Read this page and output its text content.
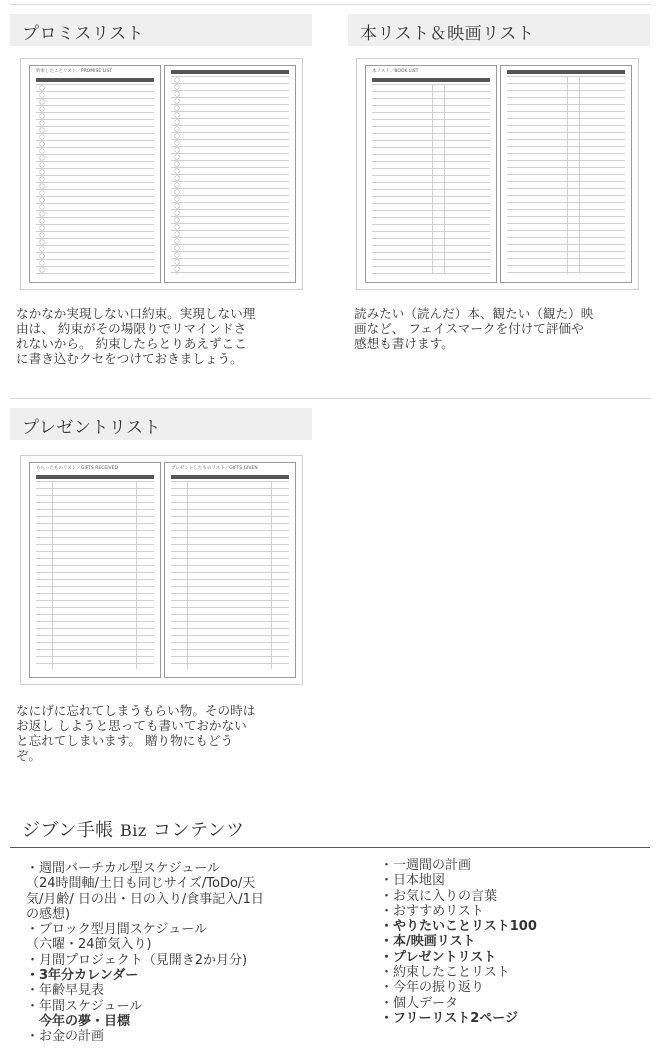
プロミスリスト
約束したことリスト／PROMISE LIST
なかなか実現しない口約束。実現しない理
由は、 約束がその場限りでリマインドさ
れないから。 約束したらとりあえずここ
に書き込むクセをつけておきましょう。
本リスト＆映画リスト
本リスト／BOOK LIST
読みたい（読んだ）本、観たい（観た）映
画など、 フェイスマークを付けて評価や
感想も書けます。
プレゼントリスト
もらったものリスト／GIFTS RECEIVED	プレゼントしたものリスト／GIFTS GIVEN
なにげに忘れてしまうもらい物。その時は
お返し しようと思っても書いておかない
と忘れてしまいます。 贈り物にもどう
ぞ。
ジブン手帳 Biz コンテンツ
・週間バーチカル型スケジュール
（24時間軸/土日も同じサイズ/ToDo/天
気/月齢/ 日の出・日の入り/食事記入/1日
の感想)
・ブロック型月間スケジュール
（六曜・24節気入り)
・月間プロジェクト（見開き2か月分)
・3年分カレンダー
・年齢早見表
・年間スケジュール
　今年の夢・目標
・お金の計画
・一週間の計画
・日本地図
・お気に入りの言葉
・おすすめリスト
・やりたいことリスト100
・本/映画リスト
・プレゼントリスト
・約束したことリスト
・今年の振り返り
・個人データ
・フリーリスト2ページ
